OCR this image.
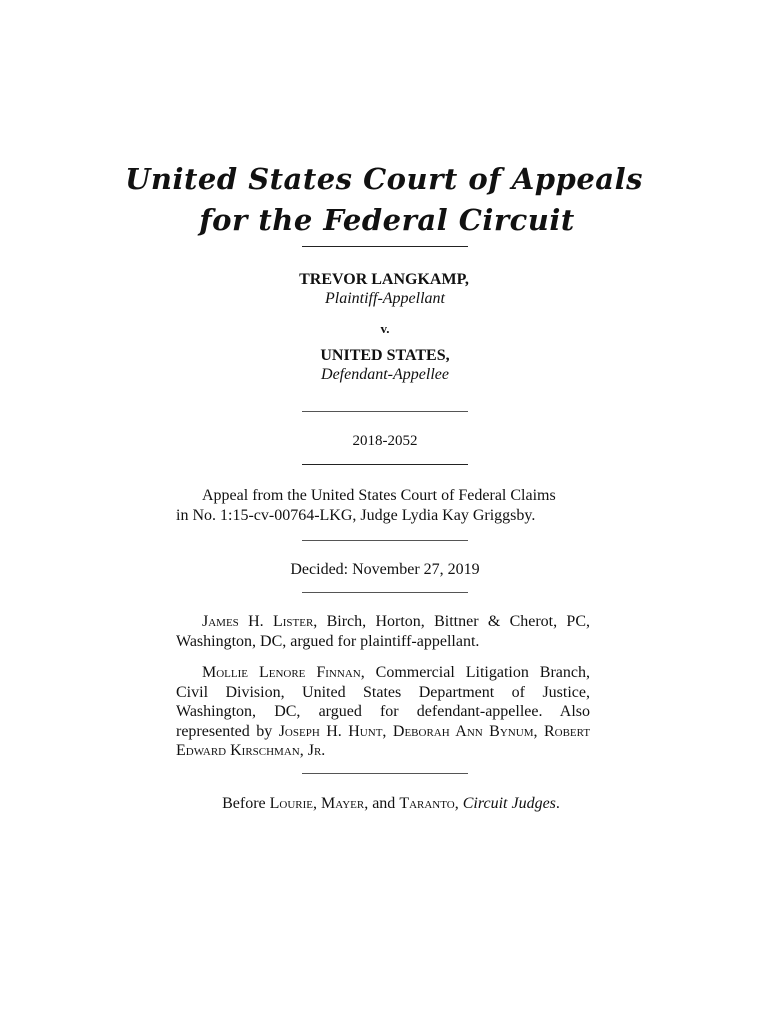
United States Court of Appeals
for the Federal Circuit
TREVOR LANGKAMP,
Plaintiff-Appellant
v.
UNITED STATES,
Defendant-Appellee
2018-2052
Appeal from the United States Court of Federal Claims
in No. 1:15-cv-00764-LKG, Judge Lydia Kay Griggsby.
Decided: November 27, 2019
James H. Lister, Birch, Horton, Bittner & Cherot, PC, Washington, DC, argued for plaintiff-appellant.
Mollie Lenore Finnan, Commercial Litigation Branch, Civil Division, United States Department of Justice, Washington, DC, argued for defendant-appellee. Also represented by Joseph H. Hunt, Deborah Ann Bynum, Robert Edward Kirschman, Jr.
Before Lourie, Mayer, and Taranto, Circuit Judges.
